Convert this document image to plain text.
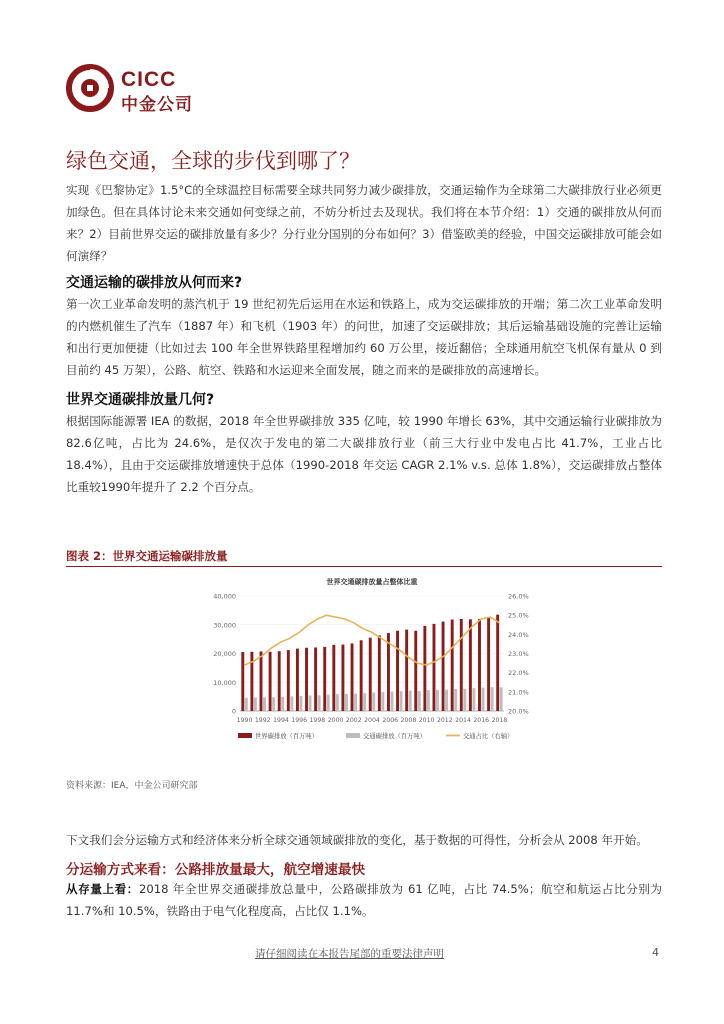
CICC
中金公司
绿色交通，全球的步伐到哪了？

实现《巴黎协定》1.5°C的全球温控目标需要全球共同努力减少碳排放，交通运输作为全球第二大碳排放行业必须更加绿色。但在具体讨论未来交通如何变绿之前，不妨分析过去及现状。我们将在本节介绍：1）交通的碳排放从何而来？2）目前世界交运的碳排放量有多少？分行业分国别的分布如何？3）借鉴欧美的经验，中国交运碳排放可能会如何演绎？

交通运输的碳排放从何而来?

第一次工业革命发明的蒸汽机于 19 世纪初先后运用在水运和铁路上，成为交运碳排放的开端；第二次工业革命发明的内燃机催生了汽车（1887 年）和飞机（1903 年）的问世，加速了交运碳排放；其后运输基础设施的完善让运输和出行更加便捷（比如过去 100 年全世界铁路里程增加约 60 万公里，接近翻倍；全球通用航空飞机保有量从 0 到目前约 45 万架），公路、航空、铁路和水运迎来全面发展，随之而来的是碳排放的高速增长。

世界交通碳排放量几何?

根据国际能源署 IEA 的数据，2018 年全世界碳排放 335 亿吨，较 1990 年增长 63%，其中交通运输行业碳排放为 82.6亿吨，占比为 24.6%，是仅次于发电的第二大碳排放行业（前三大行业中发电占比 41.7%，工业占比 18.4%），且由于交运碳排放增速快于总体（1990-2018 年交运 CAGR 2.1% v.s. 总体 1.8%），交运碳排放占整体比重较1990年提升了 2.2 个百分点。

图表 2：世界交通运输碳排放量
世界交通碳排放量占整体比重
0
10,000
20,000
30,000
40,000
20.0%
21.0%
22.0%
23.0%
24.0%
25.0%
26.0%
1990 1992 1994 1996 1998 2000 2002 2004 2006 2008 2010 2012 2014 2016 2018
世界碳排放（百万吨）	交通碳排放（百万吨）	交通占比（右轴）
资料来源：IEA，中金公司研究部

下文我们会分运输方式和经济体来分析全球交通领域碳排放的变化，基于数据的可得性，分析会从 2008 年开始。

分运输方式来看：公路排放量最大，航空增速最快

从存量上看：2018 年全世界交通碳排放总量中，公路碳排放为 61 亿吨，占比 74.5%；航空和航运占比分别为 11.7%和 10.5%，铁路由于电气化程度高，占比仅 1.1%。

请仔细阅读在本报告尾部的重要法律声明	4
